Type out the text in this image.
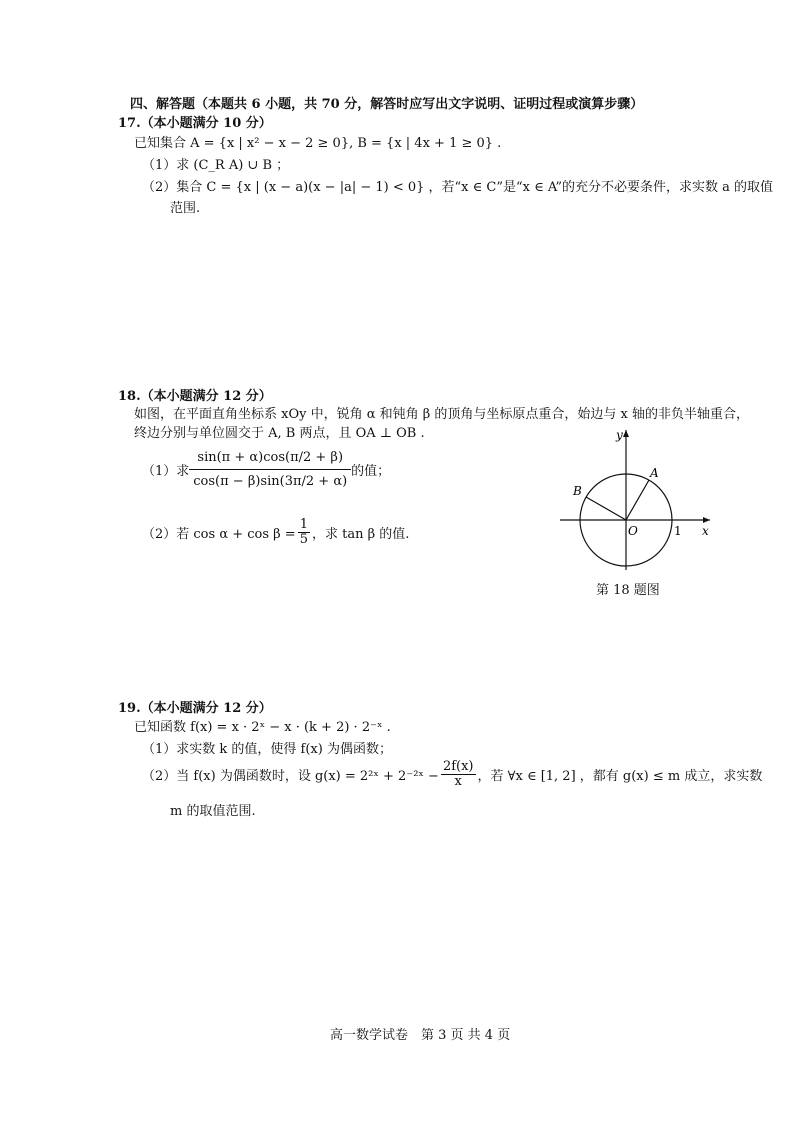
四、解答题（本题共 6 小题，共 70 分，解答时应写出文字说明、证明过程或演算步骤）
17.（本小题满分 10 分）
已知集合 A = {x | x² − x − 2 ≥ 0}, B = {x | 4x + 1 ≥ 0} .
（1）求 (C_R A) ∪ B ；
（2）集合 C = {x | (x − a)(x − |a| − 1) < 0} ，若“x ∈ C”是“x ∈ A”的充分不必要条件，求实数 a 的取值
范围.
18.（本小题满分 12 分）
如图，在平面直角坐标系 xOy 中，锐角 α 和钝角 β 的顶角与坐标原点重合，始边与 x 轴的非负半轴重合，
终边分别与单位圆交于 A, B 两点，且 OA ⊥ OB .
（1）求 $\frac{\sin(\pi + \alpha)\cos(\pi/2 + \beta)}{\cos(\pi - \beta)\sin(3\pi/2 + \alpha)}$ 的值；
（2）若 $\cos \alpha + \cos \beta = \frac{1}{5}$ ，求 tan β 的值.
y
x
A
B
O	1
第 18 题图
19.（本小题满分 12 分）
已知函数 f(x) = x · 2ˣ − x · (k + 2) · 2⁻ˣ .
（1）求实数 k 的值，使得 f(x) 为偶函数；
（2）当 f(x) 为偶函数时，设 g(x) = 2²ˣ + 2⁻²ˣ − $\frac{2f(x)}{x}$ ，若 ∀x ∈ [1, 2] ，都有 g(x) ≤ m 成立，求实数
m 的取值范围.
高一数学试卷　第 3 页 共 4 页
